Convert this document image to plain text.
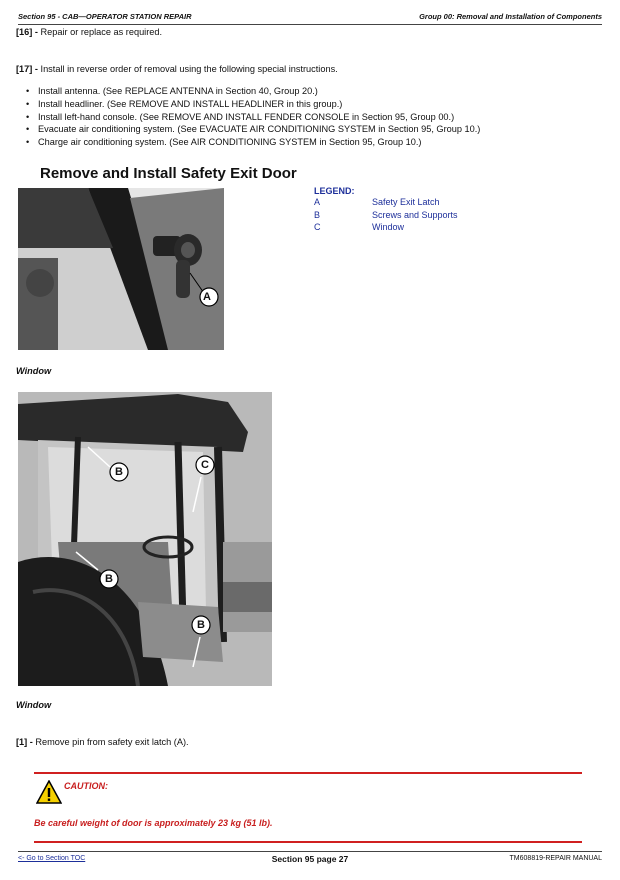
Section 95 - CAB—OPERATOR STATION REPAIR	Group 00: Removal and Installation of Components
[16] - Repair or replace as required.
[17] - Install in reverse order of removal using the following special instructions.
• Install antenna. (See REPLACE ANTENNA in Section 40, Group 20.)
• Install headliner. (See REMOVE AND INSTALL HEADLINER in this group.)
• Install left-hand console. (See REMOVE AND INSTALL FENDER CONSOLE in Section 95, Group 00.)
• Evacuate air conditioning system. (See EVACUATE AIR CONDITIONING SYSTEM in Section 95, Group 10.)
• Charge air conditioning system. (See AIR CONDITIONING SYSTEM in Section 95, Group 10.)
Remove and Install Safety Exit Door
LEGEND:
A	Safety Exit Latch
B	Screws and Supports
C	Window
A
Window
B
C
B
B
Window
[1] - Remove pin from safety exit latch (A).
CAUTION:
Be careful weight of door is approximately 23 kg (51 lb).
<- Go to Section TOC	Section 95 page 27	TM608819-REPAIR MANUAL
